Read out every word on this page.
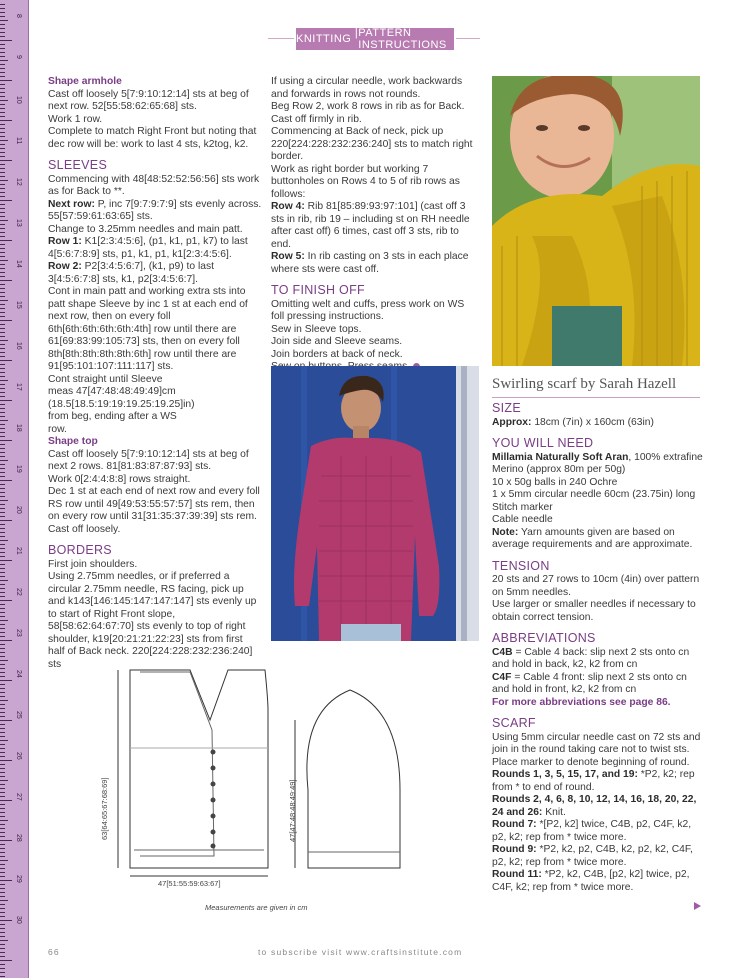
8
9
10
11
12
13
14
15
16
17
18
19
20
21
22
23
24
25
26
27
28
29
30
KNITTING |
PATTERN INSTRUCTIONS

Shape armhole

Cast off loosely 5[7:9:10:12:14] sts at beg of next row. 52[55:58:62:65:68] sts.

Work 1 row.

Complete to match Right Front but noting that dec row will be: work to last 4 sts, k2tog, k2.

SLEEVES

Commencing with 48[48:52:52:56:56] sts work as for Back to **.

Next row: P, inc 7[9:7:9:7:9] sts evenly across. 55[57:59:61:63:65] sts.

Change to 3.25mm needles and main patt.

Row 1: K1[2:3:4:5:6], (p1, k1, p1, k7) to last 4[5:6:7:8:9] sts, p1, k1, p1, k1[2:3:4:5:6].

Row 2: P2[3:4:5:6:7], (k1, p9) to last 3[4:5:6:7:8] sts, k1, p2[3:4:5:6:7].

Cont in main patt and working extra sts into patt shape Sleeve by inc 1 st at each end of next row, then on every foll 6th[6th:6th:6th:6th:4th] row until there are 61[69:83:99:105:73] sts, then on every foll 8th[8th:8th:8th:8th:6th] row until there are 91[95:101:107:111:117] sts.

Cont straight until Sleeve meas 47[47:48:48:49:49]cm (18.5[18.5:19:19:19.25:19.25]in) from beg, ending after a WS row.

Shape top

Cast off loosely 5[7:9:10:12:14] sts at beg of next 2 rows. 81[81:83:87:87:93] sts.

Work 0[2:4:4:8:8] rows straight.

Dec 1 st at each end of next row and every foll RS row until 49[49:53:55:57:57] sts rem, then on every row until 31[31:35:37:39:39] sts rem.

Cast off loosely.

BORDERS

First join shoulders.

Using 2.75mm needles, or if preferred a circular 2.75mm needle, RS facing, pick up and k143[146:145:147:147:147] sts evenly up to start of Right Front slope, 58[58:62:64:67:70] sts evenly to top of right shoulder, k19[20:21:21:22:23] sts from first half of Back neck. 220[224:228:232:236:240] sts

If using a circular needle, work backwards and forwards in rows not rounds.

Beg Row 2, work 8 rows in rib as for Back.

Cast off firmly in rib.

Commencing at Back of neck, pick up 220[224:228:232:236:240] sts to match right border.

Work as right border but working 7 buttonholes on Rows 4 to 5 of rib rows as follows:

Row 4: Rib 81[85:89:93:97:101] (cast off 3 sts in rib, rib 19 – including st on RH needle after cast off) 6 times, cast off 3 sts, rib to end.

Row 5: In rib casting on 3 sts in each place where sts were cast off.

TO FINISH OFF

Omitting welt and cuffs, press work on WS foll pressing instructions.

Sew in Sleeve tops.

Join side and Sleeve seams.

Join borders at back of neck.

Swirling scarf by Sarah Hazell

SIZE

Approx: 18cm (7in) x 160cm (63in)

YOU WILL NEED

Millamia Naturally Soft Aran, 100% extrafine Merino (approx 80m per 50g)

10 x 50g balls in 240 Ochre

1 x 5mm circular needle 60cm (23.75in) long

Stitch marker

Cable needle

Note: Yarn amounts given are based on average requirements and are approximate.

TENSION

20 sts and 27 rows to 10cm (4in) over pattern on 5mm needles.

Use larger or smaller needles if necessary to obtain correct tension.

ABBREVIATIONS

C4B = Cable 4 back: slip next 2 sts onto cn and hold in back, k2, k2 from cn

C4F = Cable 4 front: slip next 2 sts onto cn and hold in front, k2, k2 from cn

For more abbreviations see page 86.

SCARF

Using 5mm circular needle cast on 72 sts and join in the round taking care not to twist sts. Place marker to denote beginning of round.

Rounds 1, 3, 5, 15, 17, and 19: *P2, k2; rep from * to end of round.

Rounds 2, 4, 6, 8, 10, 12, 14, 16, 18, 20, 22, 24 and 26: Knit.

Round 7: *[P2, k2] twice, C4B, p2, C4F, k2, p2, k2; rep from * twice more.

Round 9: *P2, k2, p2, C4B, k2, p2, k2, C4F, p2, k2; rep from * twice more.

Round 11: *P2, k2, C4B, [p2, k2] twice, p2, C4F, k2; rep from * twice more.

63[64:65:67:68:69]
47[51:55:59:63:67]
47[47:48:48:49:49]
Measurements are given in cm
66	to subscribe visit www.craftsinstitute.com
